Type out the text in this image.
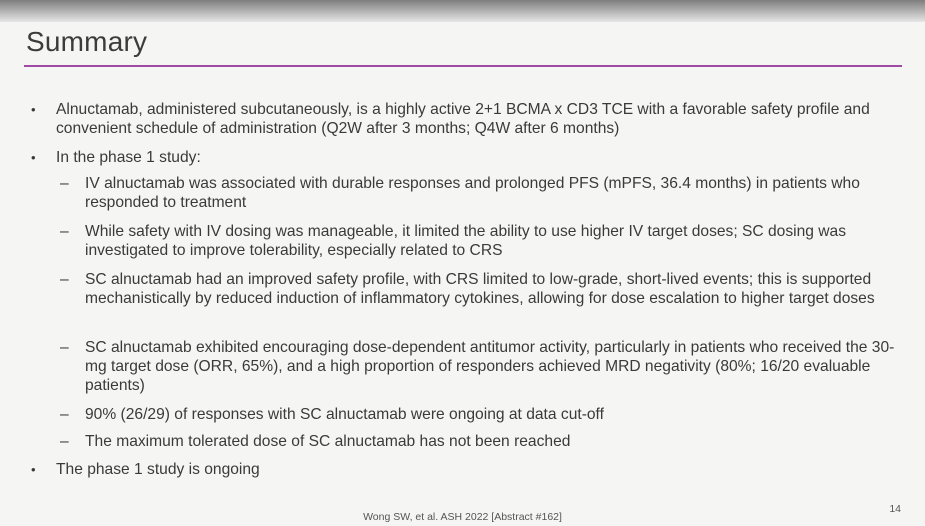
Summary
• Alnuctamab, administered subcutaneously, is a highly active 2+1 BCMA x CD3 TCE with a favorable safety profile and convenient schedule of administration (Q2W after 3 months; Q4W after 6 months)
• In the phase 1 study:
– IV alnuctamab was associated with durable responses and prolonged PFS (mPFS, 36.4 months) in patients who responded to treatment
– While safety with IV dosing was manageable, it limited the ability to use higher IV target doses; SC dosing was investigated to improve tolerability, especially related to CRS
– SC alnuctamab had an improved safety profile, with CRS limited to low-grade, short-lived events; this is supported mechanistically by reduced induction of inflammatory cytokines, allowing for dose escalation to higher target doses
– SC alnuctamab exhibited encouraging dose-dependent antitumor activity, particularly in patients who received the 30-mg target dose (ORR, 65%), and a high proportion of responders achieved MRD negativity (80%; 16/20 evaluable patients)
– 90% (26/29) of responses with SC alnuctamab were ongoing at data cut-off
– The maximum tolerated dose of SC alnuctamab has not been reached
• The phase 1 study is ongoing
Wong SW, et al. ASH 2022 [Abstract #162]
14
